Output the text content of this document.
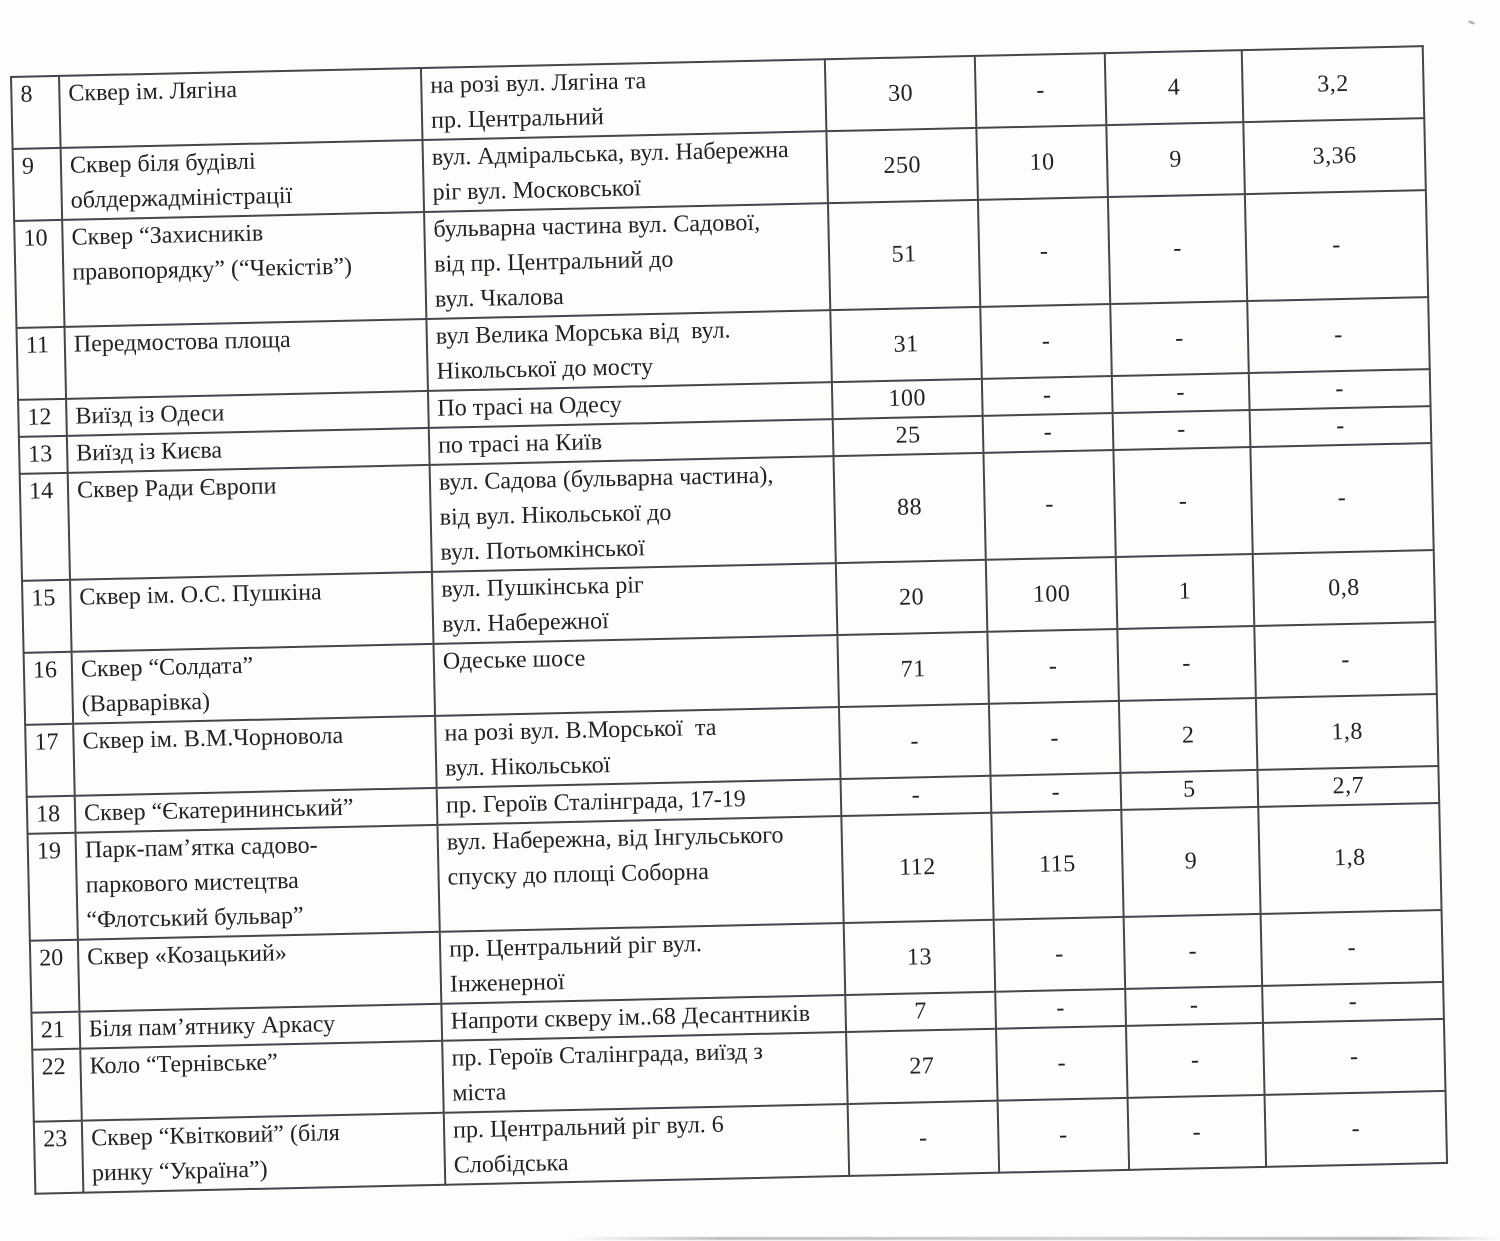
8	Сквер ім. Лягіна	на розі вул. Лягіна та
пр. Центральний	30	-	4	3,2
9	Сквер біля будівлі
облдержадміністрації	вул. Адміральська, вул. Набережна
ріг вул. Московської	250	10	9	3,36
10	Сквер “Захисників
правопорядку” (“Чекістів”)	бульварна частина вул. Садової,
від пр. Центральний до
вул. Чкалова	51	-	-	-
11	Передмостова площа	вул Велика Морська від  вул.
Нікольської до мосту	31	-	-	-
12	Виїзд із Одеси	По трасі на Одесу	100	-	-	-
13	Виїзд із Києва	по трасі на Київ	25	-	-	-
14	Сквер Ради Європи	вул. Садова (бульварна частина),
від вул. Нікольської до
вул. Потьомкінської	88	-	-	-
15	Сквер ім. О.С. Пушкіна	вул. Пушкінська ріг
вул. Набережної	20	100	1	0,8
16	Сквер “Солдата”
(Варварівка)	Одеське шосе	71	-	-	-
17	Сквер ім. В.М.Чорновола	на розі вул. В.Морської  та
вул. Нікольської	-	-	2	1,8
18	Сквер “Єкатерининський”	пр. Героїв Сталінграда, 17-19	-	-	5	2,7
19	Парк-пам’ятка садово-
паркового мистецтва
“Флотський бульвар”	вул. Набережна, від Інгульського
спуску до площі Соборна	112	115	9	1,8
20	Сквер «Козацький»	пр. Центральний ріг вул.
Інженерної	13	-	-	-
21	Біля пам’ятнику Аркасу	Напроти скверу ім..68 Десантників	7	-	-	-
22	Коло “Тернівське”	пр. Героїв Сталінграда, виїзд з
міста	27	-	-	-
23	Сквер “Квітковий” (біля
ринку “Україна”)	пр. Центральний ріг вул. 6
Слобідська	-	-	-	-
